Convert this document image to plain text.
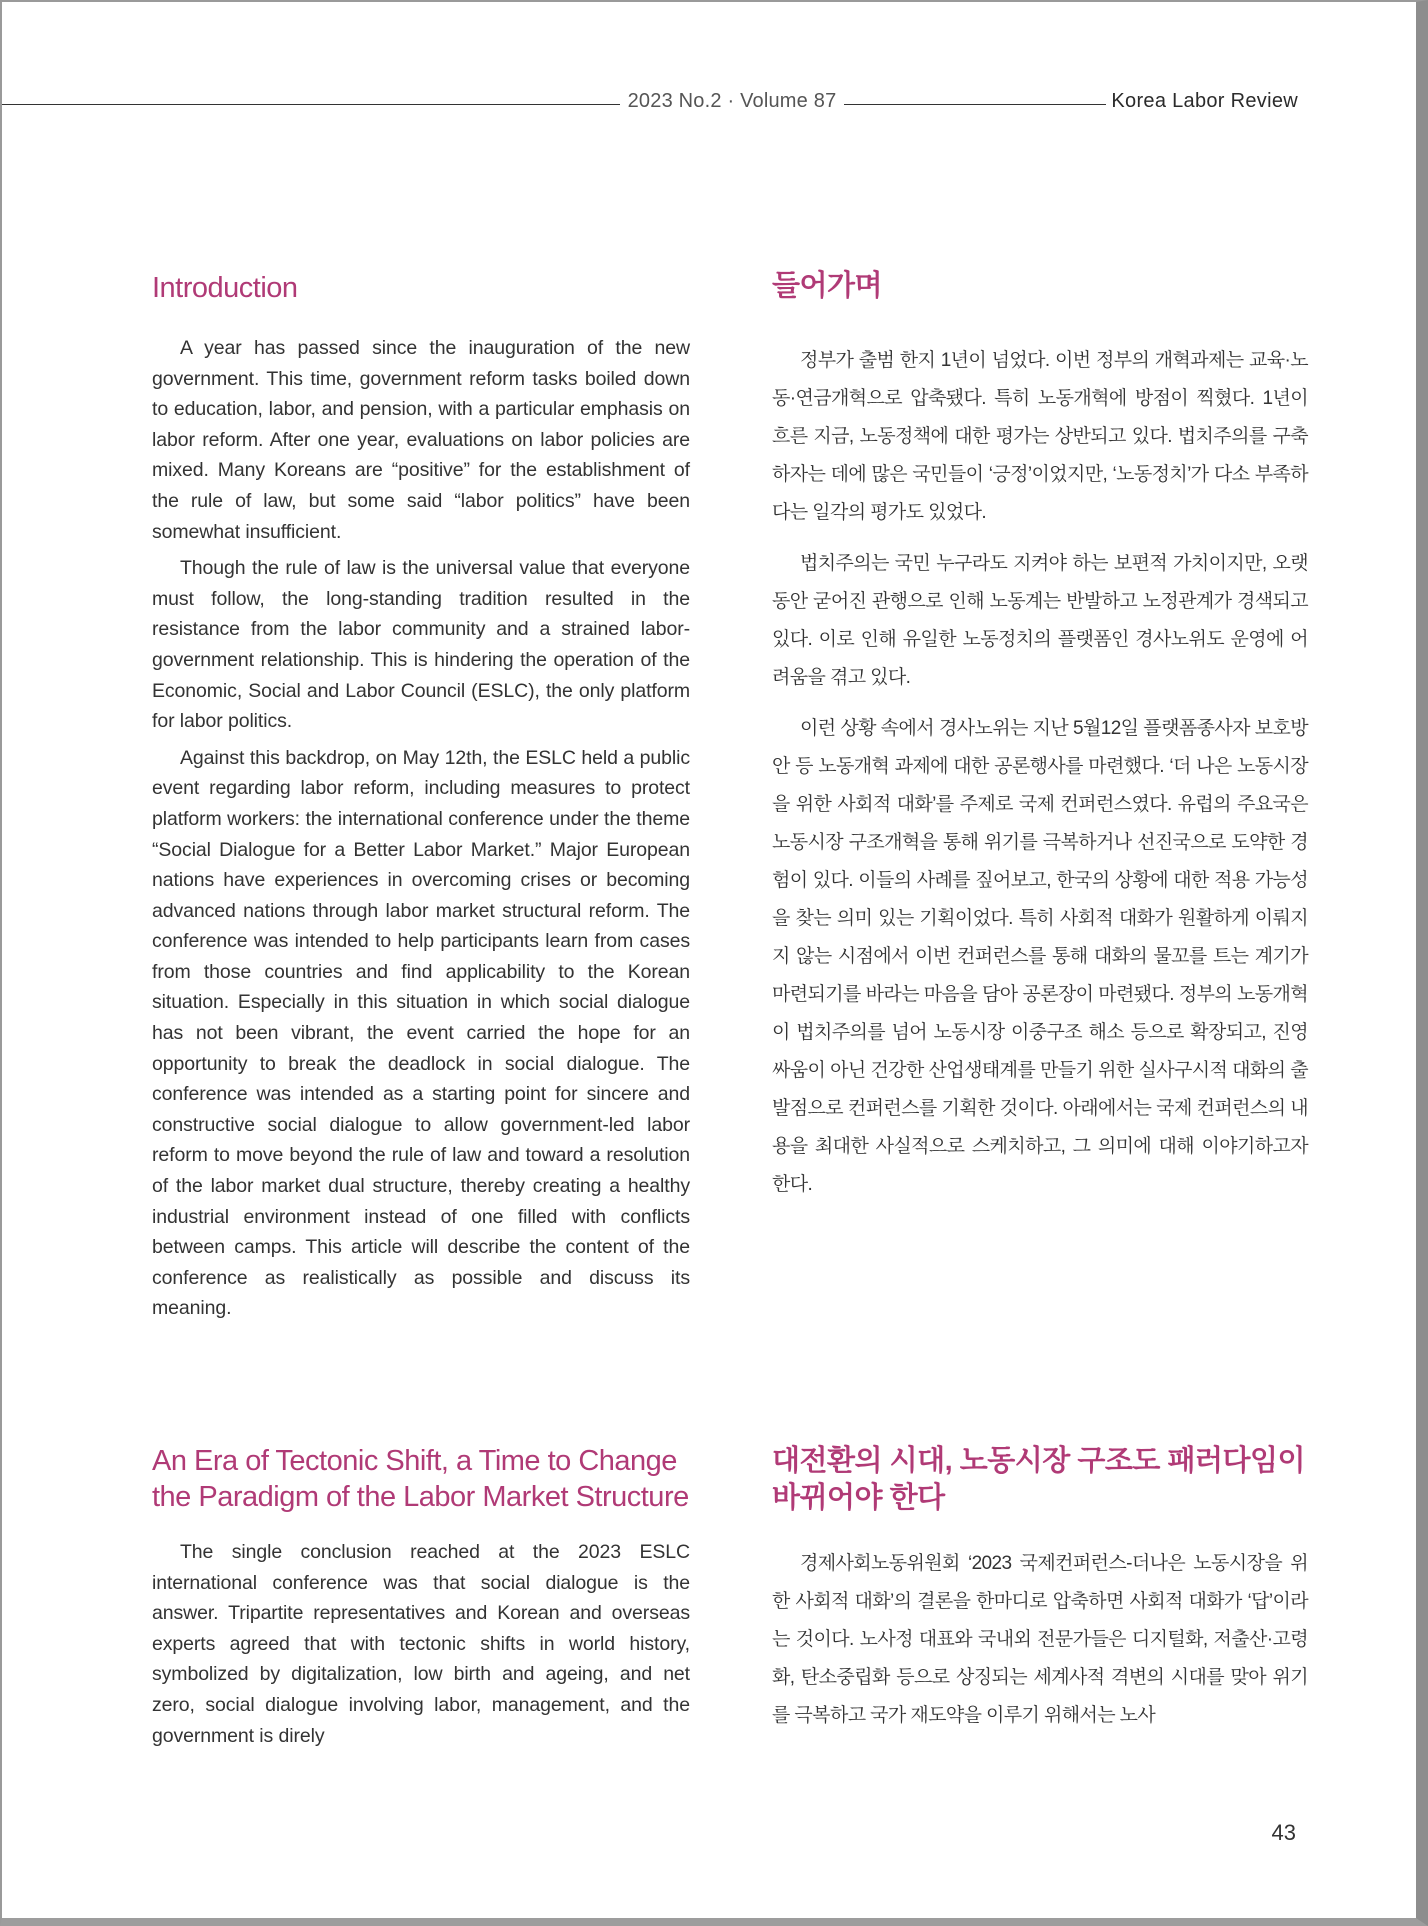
2023 No.2 · Volume 87	Korea Labor Review
Introduction

A year has passed since the inauguration of the new government. This time, government reform tasks boiled down to education, labor, and pension, with a particular emphasis on labor reform. After one year, evaluations on labor policies are mixed. Many Koreans are “positive” for the establishment of the rule of law, but some said “labor politics” have been somewhat insufficient.

Though the rule of law is the universal value that everyone must follow, the long-standing tradition resulted in the resistance from the labor community and a strained labor-government relationship. This is hindering the operation of the Economic, Social and Labor Council (ESLC), the only platform for labor politics.

Against this backdrop, on May 12th, the ESLC held a public event regarding labor reform, including measures to protect platform workers: the international conference under the theme “Social Dialogue for a Better Labor Market.” Major European nations have experiences in overcoming crises or becoming advanced nations through labor market structural reform. The conference was intended to help participants learn from cases from those countries and find applicability to the Korean situation. Especially in this situation in which social dialogue has not been vibrant, the event carried the hope for an opportunity to break the deadlock in social dialogue. The conference was intended as a starting point for sincere and constructive social dialogue to allow government-led labor reform to move beyond the rule of law and toward a resolution of the labor market dual structure, thereby creating a healthy industrial environment instead of one filled with conflicts between camps. This article will describe the content of the conference as realistically as possible and discuss its meaning.

들어가며

정부가 출범 한지 1년이 넘었다. 이번 정부의 개혁과제는 교육·노동·연금개혁으로 압축됐다. 특히 노동개혁에 방점이 찍혔다. 1년이 흐른 지금, 노동정책에 대한 평가는 상반되고 있다. 법치주의를 구축하자는 데에 많은 국민들이 ‘긍정’이었지만, ‘노동정치’가 다소 부족하다는 일각의 평가도 있었다.

법치주의는 국민 누구라도 지켜야 하는 보편적 가치이지만, 오랫동안 굳어진 관행으로 인해 노동계는 반발하고 노정관계가 경색되고 있다. 이로 인해 유일한 노동정치의 플랫폼인 경사노위도 운영에 어려움을 겪고 있다.

이런 상황 속에서 경사노위는 지난 5월12일 플랫폼종사자 보호방안 등 노동개혁 과제에 대한 공론행사를 마련했다. ‘더 나은 노동시장을 위한 사회적 대화’를 주제로 국제 컨퍼런스였다. 유럽의 주요국은 노동시장 구조개혁을 통해 위기를 극복하거나 선진국으로 도약한 경험이 있다. 이들의 사례를 짚어보고, 한국의 상황에 대한 적용 가능성을 찾는 의미 있는 기획이었다. 특히 사회적 대화가 원활하게 이뤄지지 않는 시점에서 이번 컨퍼런스를 통해 대화의 물꼬를 트는 계기가 마련되기를 바라는 마음을 담아 공론장이 마련됐다. 정부의 노동개혁이 법치주의를 넘어 노동시장 이중구조 해소 등으로 확장되고, 진영싸움이 아닌 건강한 산업생태계를 만들기 위한 실사구시적 대화의 출발점으로 컨퍼런스를 기획한 것이다. 아래에서는 국제 컨퍼런스의 내용을 최대한 사실적으로 스케치하고, 그 의미에 대해 이야기하고자 한다.

An Era of Tectonic Shift, a Time to Change the Paradigm of the Labor Market Structure

The single conclusion reached at the 2023 ESLC international conference was that social dialogue is the answer. Tripartite representatives and Korean and overseas experts agreed that with tectonic shifts in world history, symbolized by digitalization, low birth and ageing, and net zero, social dialogue involving labor, management, and the government is direly

대전환의 시대, 노동시장 구조도 패러다임이 바뀌어야 한다

경제사회노동위원회 ‘2023 국제컨퍼런스-더나은 노동시장을 위한 사회적 대화’의 결론을 한마디로 압축하면 사회적 대화가 ‘답’이라는 것이다. 노사정 대표와 국내외 전문가들은 디지털화, 저출산·고령화, 탄소중립화 등으로 상징되는 세계사적 격변의 시대를 맞아 위기를 극복하고 국가 재도약을 이루기 위해서는 노사

43
